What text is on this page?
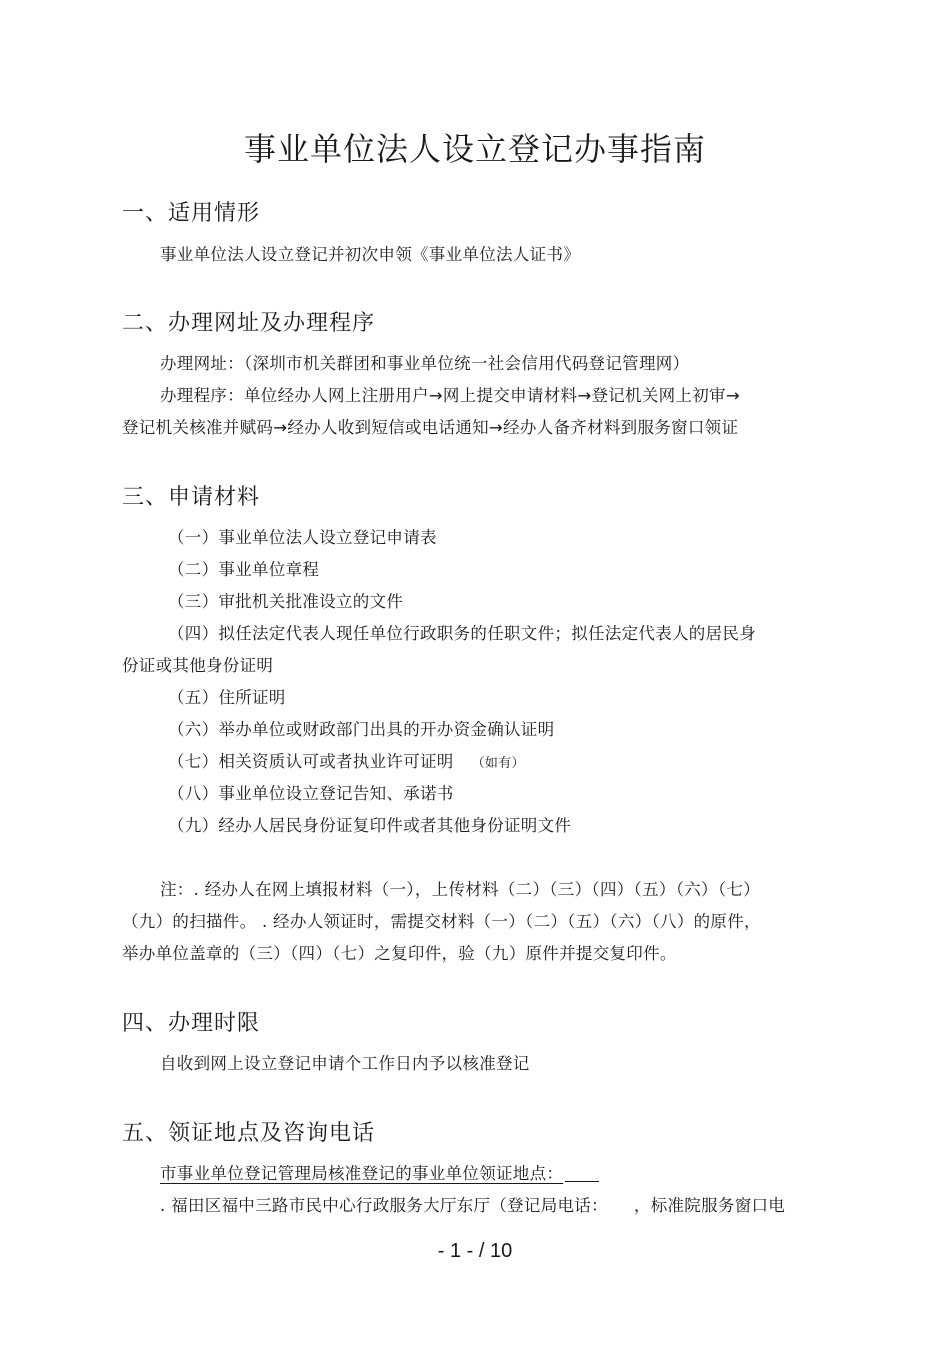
事业单位法人设立登记办事指南
一、适用情形
事业单位法人设立登记并初次申领《事业单位法人证书》
二、办理网址及办理程序
办理网址：（深圳市机关群团和事业单位统一社会信用代码登记管理网）
办理程序：单位经办人网上注册用户→网上提交申请材料→登记机关网上初审→
登记机关核准并赋码→经办人收到短信或电话通知→经办人备齐材料到服务窗口领证
三、申请材料
（一）事业单位法人设立登记申请表
（二）事业单位章程
（三）审批机关批准设立的文件
（四）拟任法定代表人现任单位行政职务的任职文件；拟任法定代表人的居民身
份证或其他身份证明
（五）住所证明
（六）举办单位或财政部门出具的开办资金确认证明
（七）相关资质认可或者执业许可证明 （如有）
（八）事业单位设立登记告知、承诺书
（九）经办人居民身份证复印件或者其他身份证明文件
注：. 经办人在网上填报材料（一），上传材料（二）（三）（四）（五）（六）（七）
（九）的扫描件。 . 经办人领证时，需提交材料（一）（二）（五）（六）（八）的原件，
举办单位盖章的（三）（四）（七）之复印件，验（九）原件并提交复印件。
四、办理时限
自收到网上设立登记申请个工作日内予以核准登记
五、领证地点及咨询电话
市事业单位登记管理局核准登记的事业单位领证地点：
. 福田区福中三路市民中心行政服务大厅东厅（登记局电话： ，标准院服务窗口电
- 1 - / 10
